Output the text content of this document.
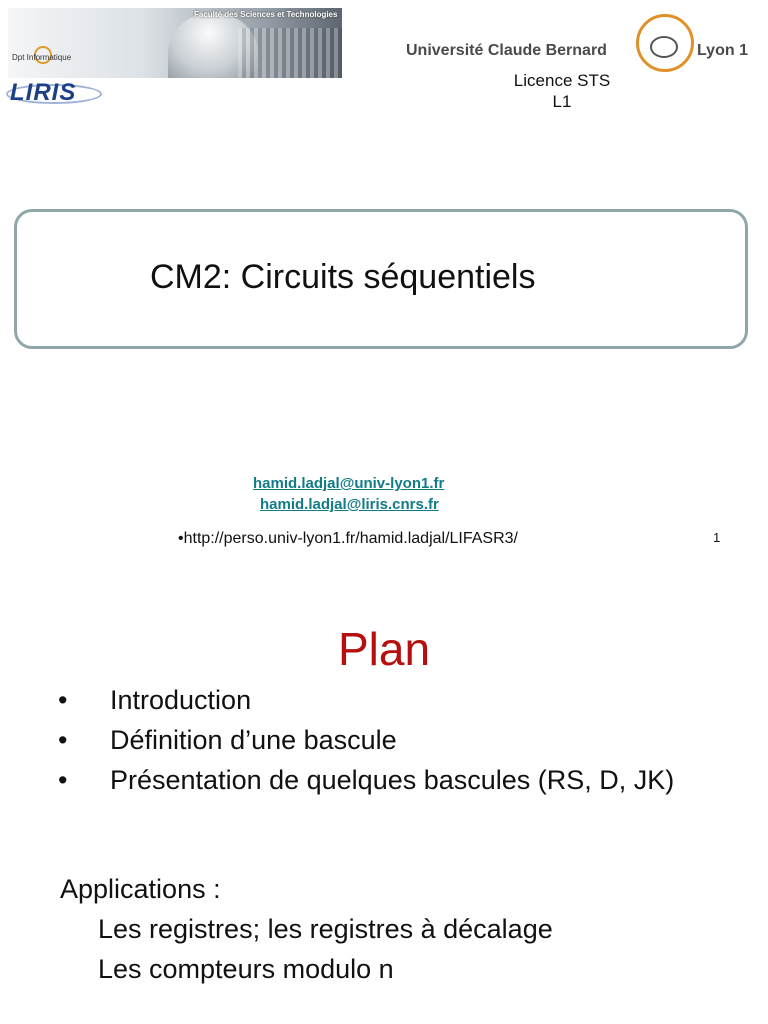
Faculté des Sciences et Technologies
Dpt Informatique
LIRIS
Université Claude Bernard	Lyon 1
Licence STS
L1
CM2: Circuits séquentiels
hamid.ladjal@univ-lyon1.fr
hamid.ladjal@liris.cnrs.fr
•http://perso.univ-lyon1.fr/hamid.ladjal/LIFASR3/	1
Plan
• Introduction
• Définition d’une bascule
• Présentation de quelques bascules (RS, D, JK)
Applications :
Les registres; les registres à décalage
Les compteurs modulo n
